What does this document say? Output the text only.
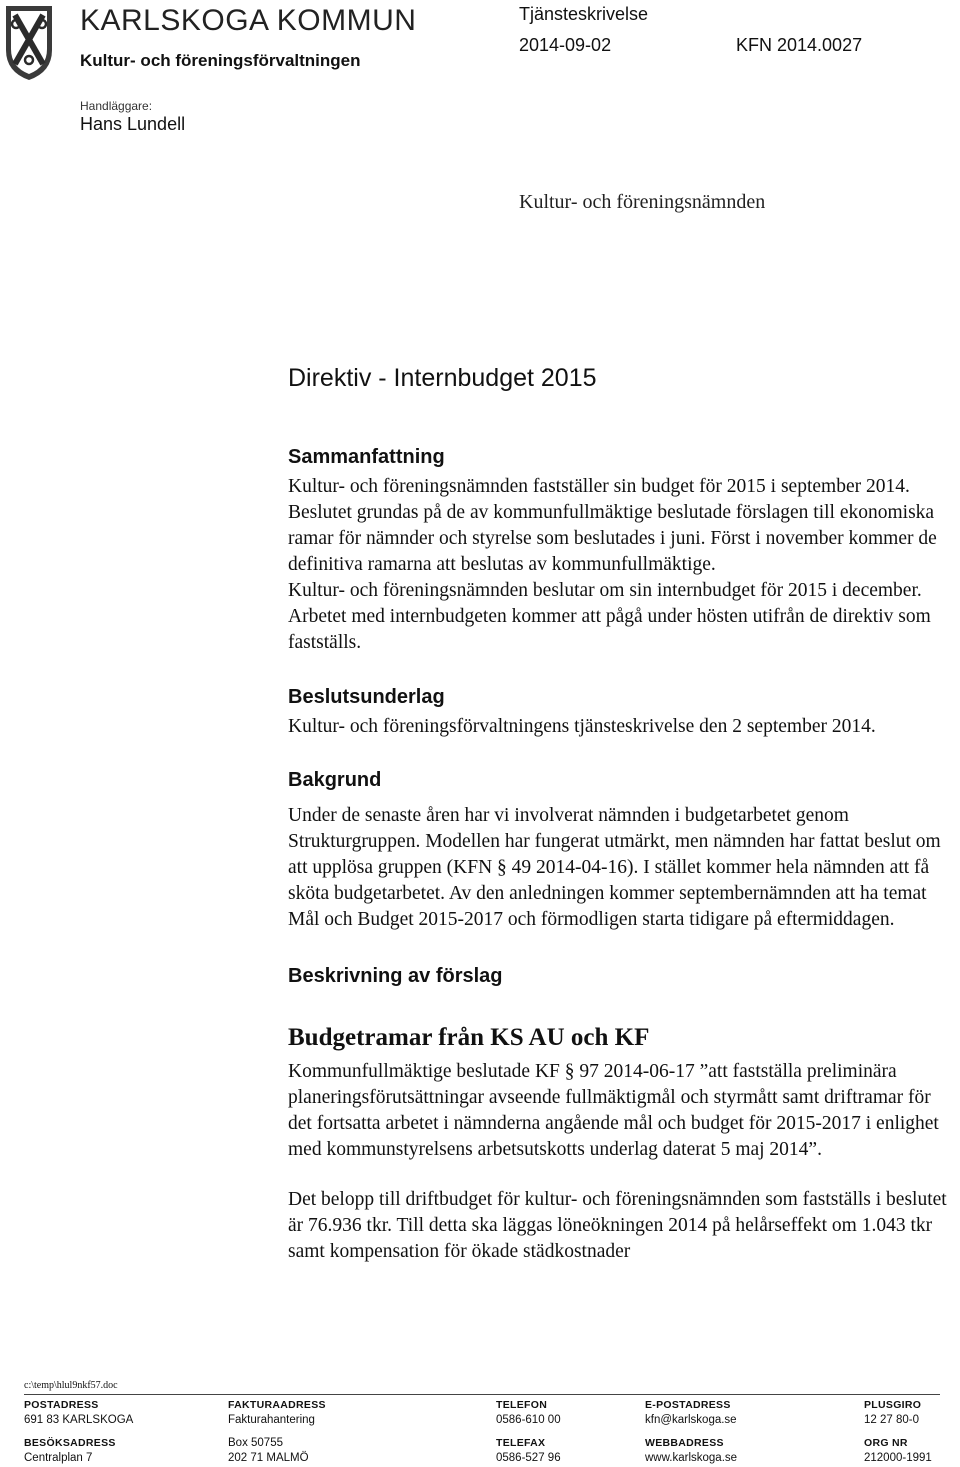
KARLSKOGA KOMMUN
Kultur- och föreningsförvaltningen
Tjänsteskrivelse
2014-09-02	KFN 2014.0027
Handläggare:
Hans Lundell
Kultur- och föreningsnämnden
Direktiv - Internbudget 2015
Sammanfattning

Kultur- och föreningsnämnden fastställer sin budget för 2015 i september 2014. Beslutet grundas på de av kommunfullmäktige beslutade förslagen till ekonomiska ramar för nämnder och styrelse som beslutades i juni. Först i november kommer de definitiva ramarna att beslutas av kommunfullmäktige.

Kultur- och föreningsnämnden beslutar om sin internbudget för 2015 i december. Arbetet med internbudgeten kommer att pågå under hösten utifrån de direktiv som fastställs.

Beslutsunderlag

Kultur- och föreningsförvaltningens tjänsteskrivelse den 2 september 2014.

Bakgrund

Under de senaste åren har vi involverat nämnden i budgetarbetet genom Strukturgruppen. Modellen har fungerat utmärkt, men nämnden har fattat beslut om att upplösa gruppen (KFN § 49 2014-04-16). I stället kommer hela nämnden att få sköta budgetarbetet. Av den anledningen kommer septembernämnden att ha temat Mål och Budget 2015-2017 och förmodligen starta tidigare på eftermiddagen.

Beskrivning av förslag
Budgetramar från KS AU och KF

Kommunfullmäktige beslutade KF § 97 2014-06-17 ”att fastställa preliminära planeringsförutsättningar avseende fullmäktigmål och styrmått samt driftramar för det fortsatta arbetet i nämnderna angående mål och budget för 2015-2017 i enlighet med kommunstyrelsens arbetsutskotts underlag daterat 5 maj 2014”.

Det belopp till driftbudget för kultur- och föreningsnämnden som fastställs i beslutet är 76.936 tkr. Till detta ska läggas löneökningen 2014 på helårseffekt om 1.043 tkr samt kompensation för ökade städkostnader

c:\temp\hlul9nkf57.doc
POSTADRESS
691 83 KARLSKOGA
BESÖKSADRESS
Centralplan 7
FAKTURAADRESS
Fakturahantering
Box 50755
202 71 MALMÖ
TELEFON
0586-610 00
TELEFAX
0586-527 96
E-POSTADRESS
kfn@karlskoga.se
WEBBADRESS
www.karlskoga.se
PLUSGIRO
12 27 80-0
ORG NR
212000-1991
